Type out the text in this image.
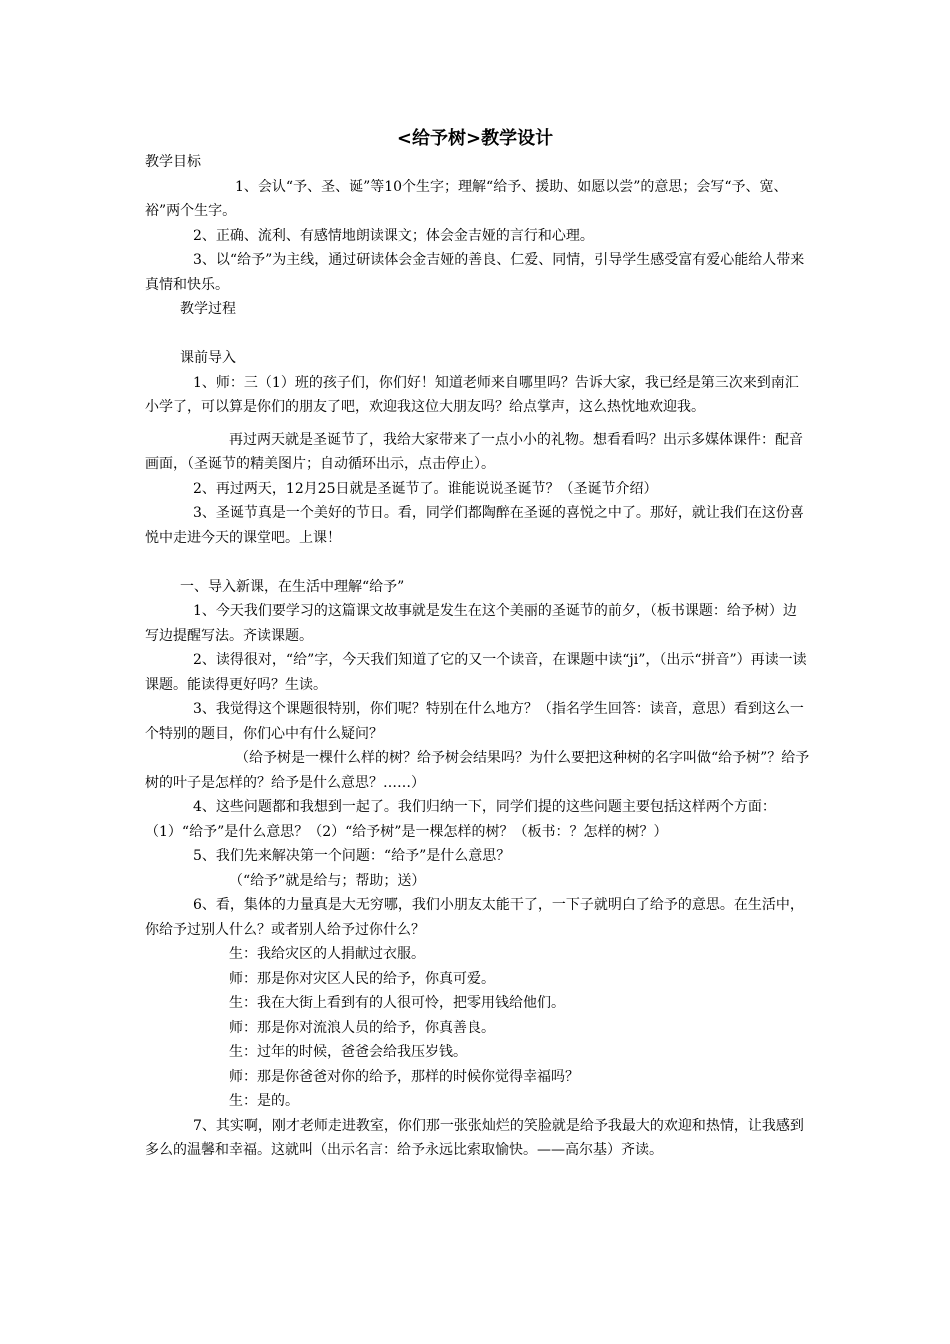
<给予树>教学设计

教学目标

1、会认“予、圣、诞”等10个生字；理解“给予、援助、如愿以尝”的意思；会写“予、宽、裕”两个生字。

2、正确、流利、有感情地朗读课文；体会金吉娅的言行和心理。

3、以“给予”为主线，通过研读体会金吉娅的善良、仁爱、同情，引导学生感受富有爱心能给人带来真情和快乐。

教学过程

课前导入

1、师：三（1）班的孩子们，你们好！知道老师来自哪里吗？告诉大家，我已经是第三次来到南汇小学了，可以算是你们的朋友了吧，欢迎我这位大朋友吗？给点掌声，这么热忱地欢迎我。

再过两天就是圣诞节了，我给大家带来了一点小小的礼物。想看看吗？出示多媒体课件：配音画面，（圣诞节的精美图片；自动循环出示，点击停止）。

2、再过两天，12月25日就是圣诞节了。谁能说说圣诞节？（圣诞节介绍）

3、圣诞节真是一个美好的节日。看，同学们都陶醉在圣诞的喜悦之中了。那好，就让我们在这份喜悦中走进今天的课堂吧。上课！

一、导入新课，在生活中理解“给予”

1、今天我们要学习的这篇课文故事就是发生在这个美丽的圣诞节的前夕，（板书课题：给予树）边写边提醒写法。齐读课题。

2、读得很对，“给”字，今天我们知道了它的又一个读音，在课题中读“ji”，（出示“拼音”）再读一读课题。能读得更好吗？生读。

3、我觉得这个课题很特别，你们呢？特别在什么地方？（指名学生回答：读音，意思）看到这么一个特别的题目，你们心中有什么疑问？

（给予树是一棵什么样的树？给予树会结果吗？为什么要把这种树的名字叫做“给予树”？给予树的叶子是怎样的？给予是什么意思？……）

4、这些问题都和我想到一起了。我们归纳一下，同学们提的这些问题主要包括这样两个方面：（1）“给予”是什么意思？（2）“给予树”是一棵怎样的树？（板书：？怎样的树？）

5、我们先来解决第一个问题：“给予”是什么意思？

（“给予”就是给与；帮助；送）

6、看，集体的力量真是大无穷哪，我们小朋友太能干了，一下子就明白了给予的意思。在生活中，你给予过别人什么？或者别人给予过你什么？

生：我给灾区的人捐献过衣服。

师：那是你对灾区人民的给予，你真可爱。

生：我在大街上看到有的人很可怜，把零用钱给他们。

师：那是你对流浪人员的给予，你真善良。

生：过年的时候，爸爸会给我压岁钱。

师：那是你爸爸对你的给予，那样的时候你觉得幸福吗？

生：是的。

7、其实啊，刚才老师走进教室，你们那一张张灿烂的笑脸就是给予我最大的欢迎和热情，让我感到多么的温馨和幸福。这就叫（出示名言：给予永远比索取愉快。——高尔基）齐读。
